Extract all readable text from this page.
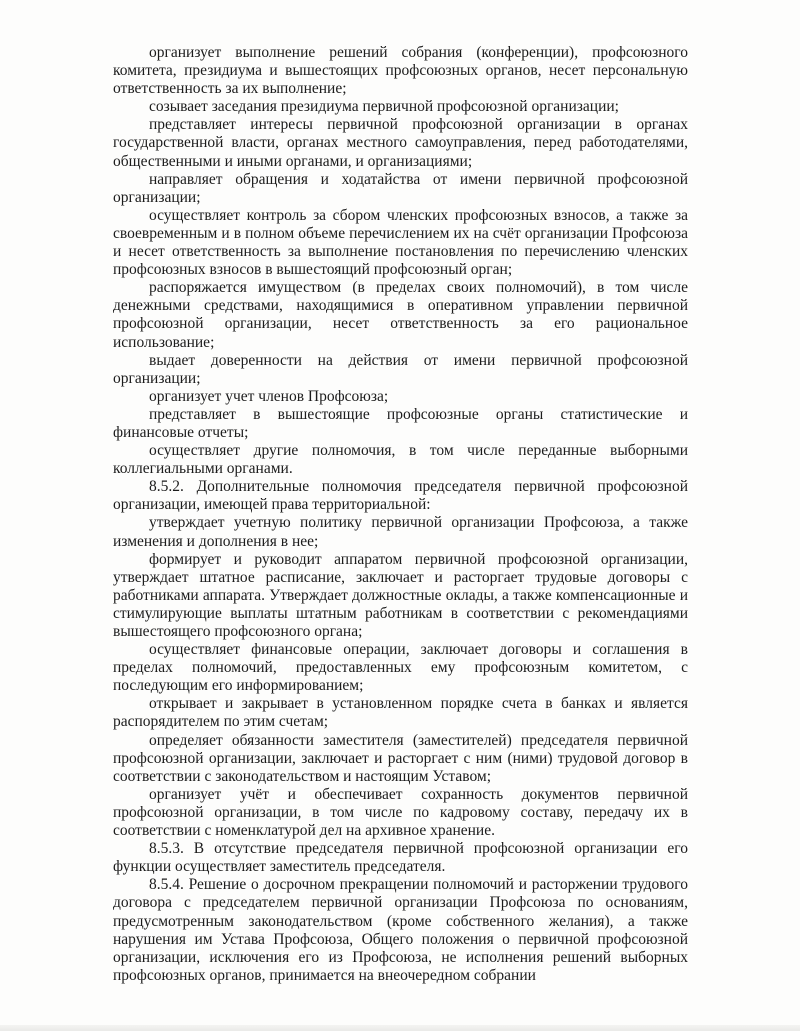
организует выполнение решений собрания (конференции), профсоюзного комитета, президиума и вышестоящих профсоюзных органов, несет персональную ответственность за их выполнение;

созывает заседания президиума первичной профсоюзной организации;

представляет интересы первичной профсоюзной организации в органах государственной власти, органах местного самоуправления, перед работодателями, общественными и иными органами, и организациями;

направляет обращения и ходатайства от имени первичной профсоюзной организации;

осуществляет контроль за сбором членских профсоюзных взносов, а также за своевременным и в полном объеме перечислением их на счёт организации Профсоюза и несет ответственность за выполнение постановления по перечислению членских профсоюзных взносов в вышестоящий профсоюзный орган;

распоряжается имуществом (в пределах своих полномочий), в том числе денежными средствами, находящимися в оперативном управлении первичной профсоюзной организации, несет ответственность за его рациональное использование;

выдает доверенности на действия от имени первичной профсоюзной организации;

организует учет членов Профсоюза;

представляет в вышестоящие профсоюзные органы статистические и финансовые отчеты;

осуществляет другие полномочия, в том числе переданные выборными коллегиальными органами.

8.5.2. Дополнительные полномочия председателя первичной профсоюзной организации, имеющей права территориальной:

утверждает учетную политику первичной организации Профсоюза, а также изменения и дополнения в нее;

формирует и руководит аппаратом первичной профсоюзной организации, утверждает штатное расписание, заключает и расторгает трудовые договоры с работниками аппарата. Утверждает должностные оклады, а также компенсационные и стимулирующие выплаты штатным работникам в соответствии с рекомендациями вышестоящего профсоюзного органа;

осуществляет финансовые операции, заключает договоры и соглашения в пределах полномочий, предоставленных ему профсоюзным комитетом, с последующим его информированием;

открывает и закрывает в установленном порядке счета в банках и является распорядителем по этим счетам;

определяет обязанности заместителя (заместителей) председателя первичной профсоюзной организации, заключает и расторгает с ним (ними) трудовой договор в соответствии с законодательством и настоящим Уставом;

организует учёт и обеспечивает сохранность документов первичной профсоюзной организации, в том числе по кадровому составу, передачу их в соответствии с номенклатурой дел на архивное хранение.

8.5.3. В отсутствие председателя первичной профсоюзной организации его функции осуществляет заместитель председателя.

8.5.4. Решение о досрочном прекращении полномочий и расторжении трудового договора с председателем первичной организации Профсоюза по основаниям, предусмотренным законодательством (кроме собственного желания), а также нарушения им Устава Профсоюза, Общего положения о первичной профсоюзной организации, исключения его из Профсоюза, не исполнения решений выборных профсоюзных органов, принимается на внеочередном собрании
